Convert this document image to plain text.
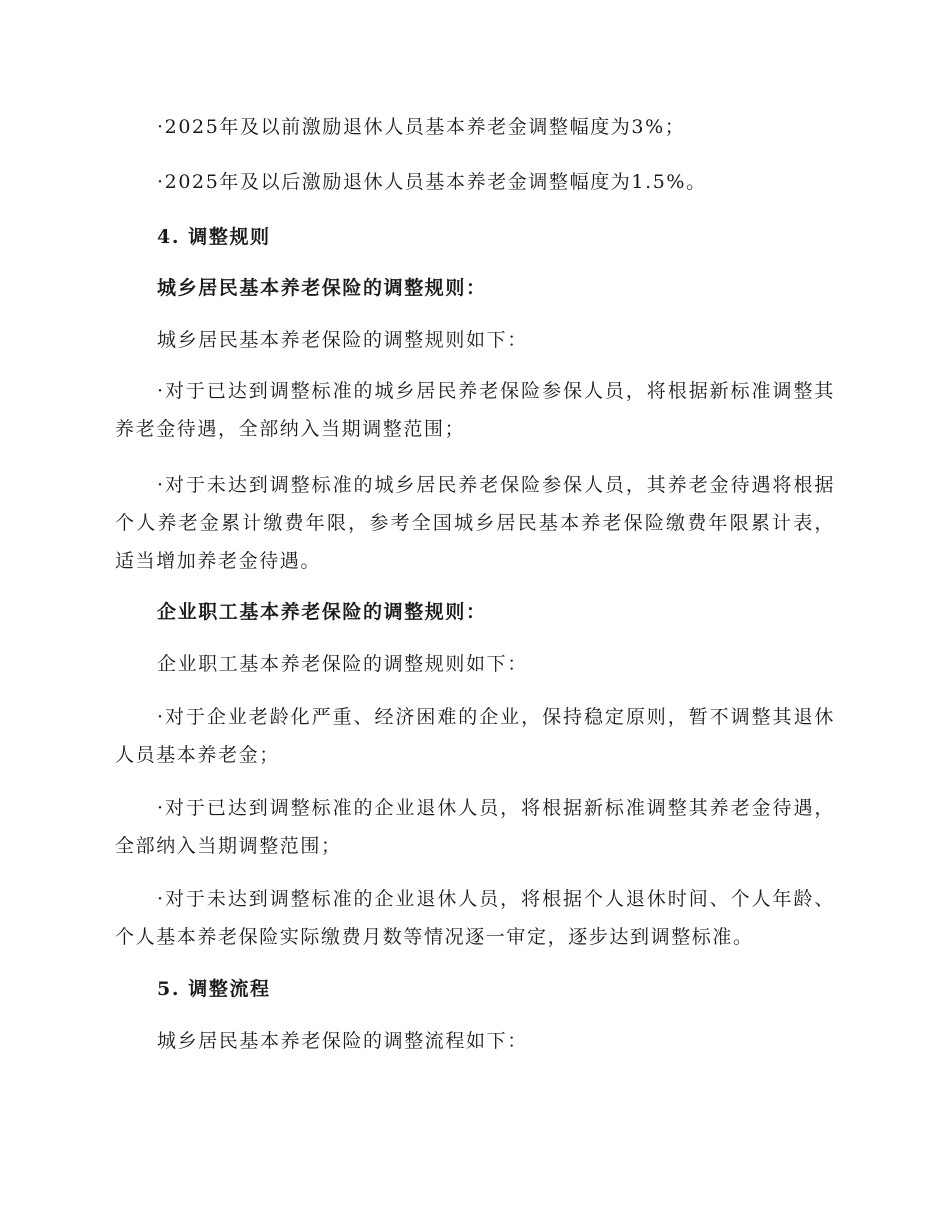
·2025年及以前激励退休人员基本养老金调整幅度为3%；
·2025年及以后激励退休人员基本养老金调整幅度为1.5%。
4. 调整规则
城乡居民基本养老保险的调整规则：
城乡居民基本养老保险的调整规则如下：
·对于已达到调整标准的城乡居民养老保险参保人员，将根据新标准调整其养老金待遇，全部纳入当期调整范围；
·对于未达到调整标准的城乡居民养老保险参保人员，其养老金待遇将根据个人养老金累计缴费年限，参考全国城乡居民基本养老保险缴费年限累计表，适当增加养老金待遇。
企业职工基本养老保险的调整规则：
企业职工基本养老保险的调整规则如下：
·对于企业老龄化严重、经济困难的企业，保持稳定原则，暂不调整其退休人员基本养老金；
·对于已达到调整标准的企业退休人员，将根据新标准调整其养老金待遇，全部纳入当期调整范围；
·对于未达到调整标准的企业退休人员，将根据个人退休时间、个人年龄、个人基本养老保险实际缴费月数等情况逐一审定，逐步达到调整标准。
5. 调整流程
城乡居民基本养老保险的调整流程如下：
